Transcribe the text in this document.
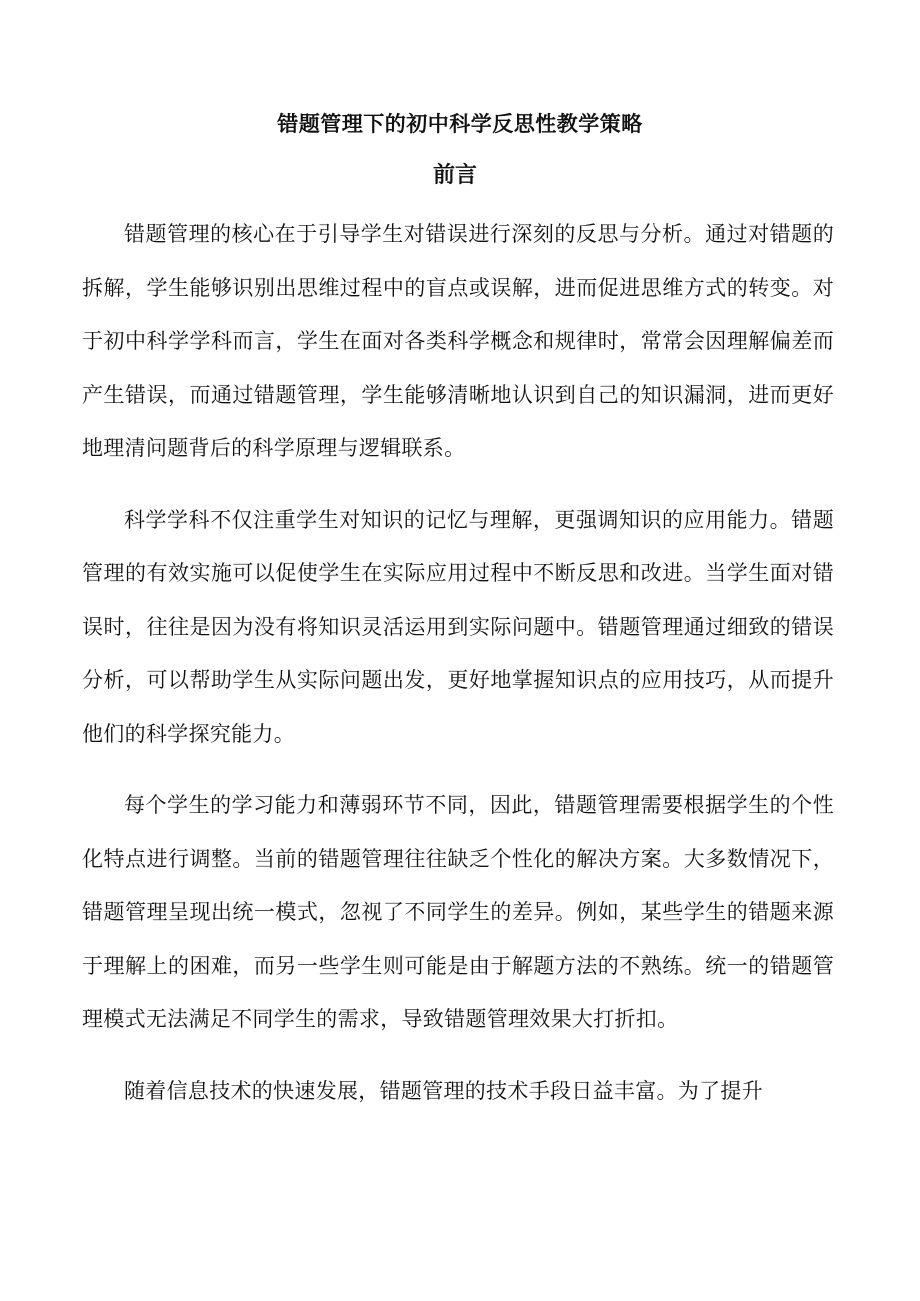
错题管理下的初中科学反思性教学策略
前言

错题管理的核心在于引导学生对错误进行深刻的反思与分析。通过对错题的拆解，学生能够识别出思维过程中的盲点或误解，进而促进思维方式的转变。对于初中科学学科而言，学生在面对各类科学概念和规律时，常常会因理解偏差而产生错误，而通过错题管理，学生能够清晰地认识到自己的知识漏洞，进而更好地理清问题背后的科学原理与逻辑联系。

科学学科不仅注重学生对知识的记忆与理解，更强调知识的应用能力。错题管理的有效实施可以促使学生在实际应用过程中不断反思和改进。当学生面对错误时，往往是因为没有将知识灵活运用到实际问题中。错题管理通过细致的错误分析，可以帮助学生从实际问题出发，更好地掌握知识点的应用技巧，从而提升他们的科学探究能力。

每个学生的学习能力和薄弱环节不同，因此，错题管理需要根据学生的个性化特点进行调整。当前的错题管理往往缺乏个性化的解决方案。大多数情况下，错题管理呈现出统一模式，忽视了不同学生的差异。例如，某些学生的错题来源于理解上的困难，而另一些学生则可能是由于解题方法的不熟练。统一的错题管理模式无法满足不同学生的需求，导致错题管理效果大打折扣。

随着信息技术的快速发展，错题管理的技术手段日益丰富。为了提升
